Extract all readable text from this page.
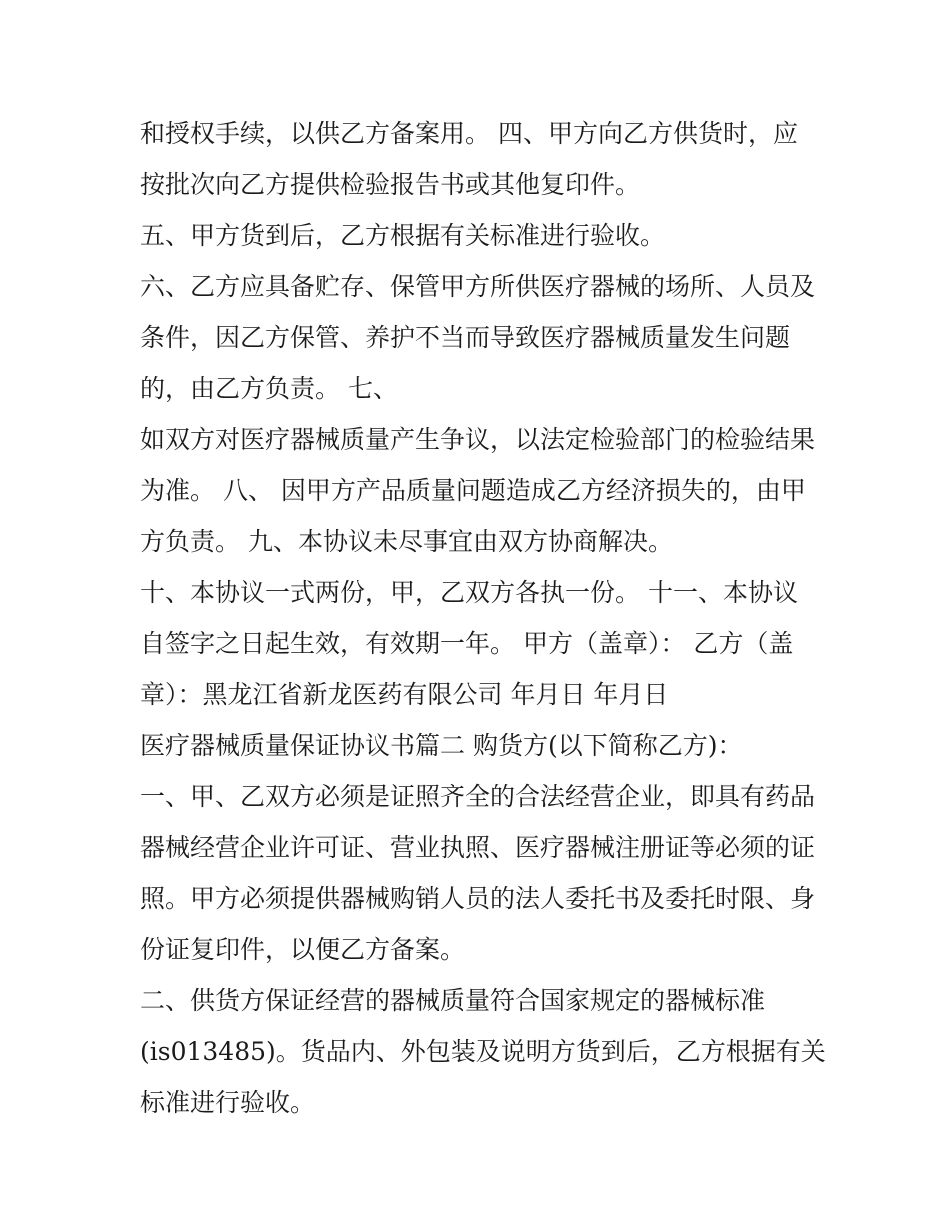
和授权手续，以供乙方备案用。 四、甲方向乙方供货时，应
按批次向乙方提供检验报告书或其他复印件。
五、甲方货到后，乙方根据有关标准进行验收。
六、乙方应具备贮存、保管甲方所供医疗器械的场所、人员及
条件，因乙方保管、养护不当而导致医疗器械质量发生问题
的，由乙方负责。 七、
如双方对医疗器械质量产生争议，以法定检验部门的检验结果
为准。 八、 因甲方产品质量问题造成乙方经济损失的，由甲
方负责。 九、本协议未尽事宜由双方协商解决。
十、本协议一式两份，甲，乙双方各执一份。 十一、本协议
自签字之日起生效，有效期一年。 甲方（盖章）： 乙方（盖
章）：黑龙江省新龙医药有限公司 年月日 年月日
医疗器械质量保证协议书篇二 购货方(以下简称乙方)：
一、甲、乙双方必须是证照齐全的合法经营企业，即具有药品
器械经营企业许可证、营业执照、医疗器械注册证等必须的证
照。甲方必须提供器械购销人员的法人委托书及委托时限、身
份证复印件，以便乙方备案。
二、供货方保证经营的器械质量符合国家规定的器械标准
(is013485)。货品内、外包装及说明方货到后，乙方根据有关
标准进行验收。
